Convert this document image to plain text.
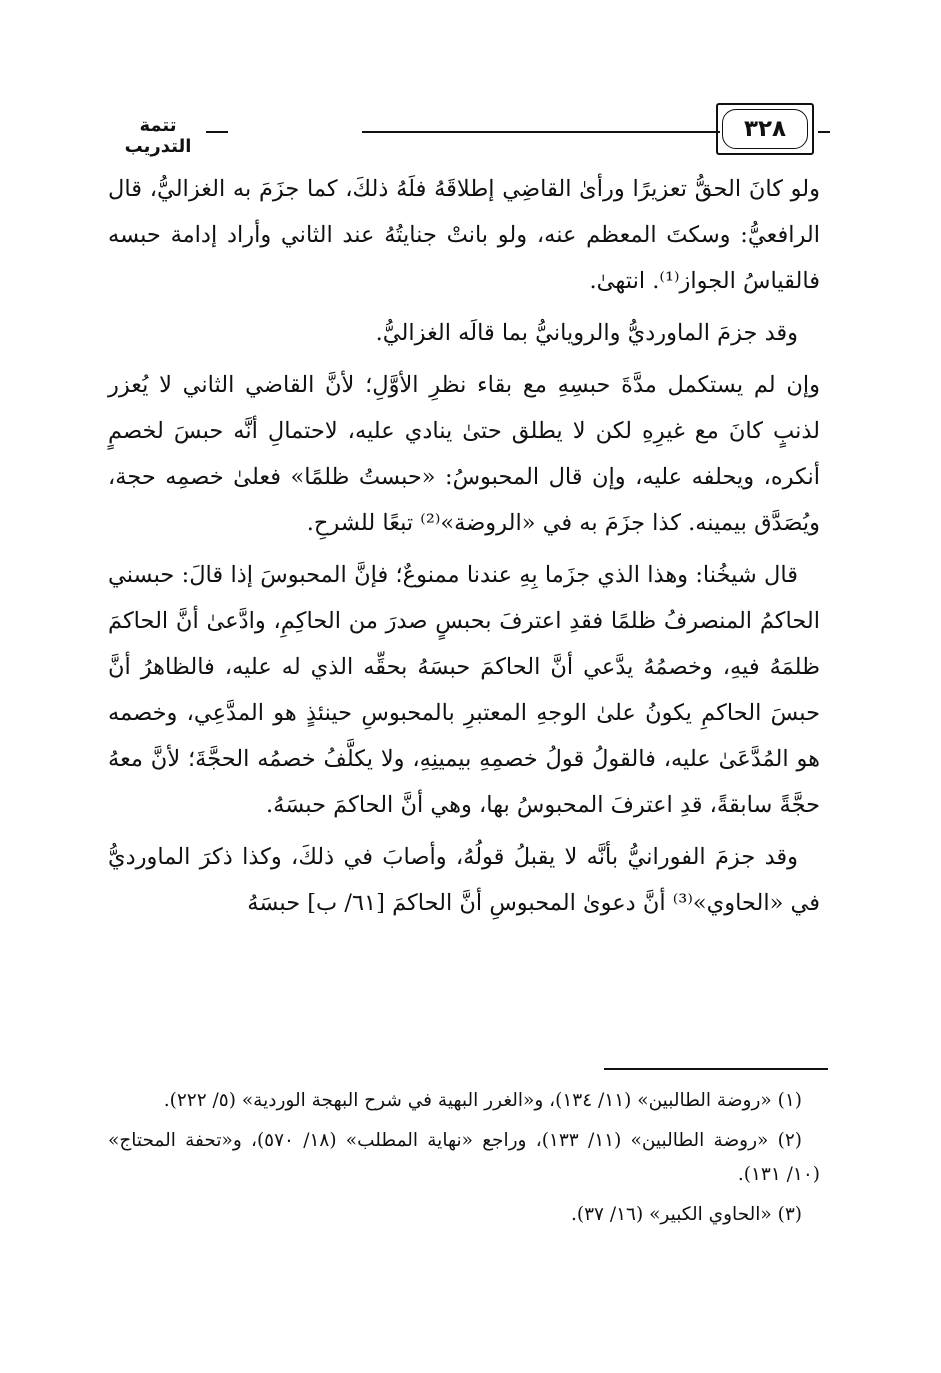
تتمة التدريب
٣٢٨

ولو كانَ الحقُّ تعزيرًا ورأىٰ القاضِي إطلاقَهُ فلَهُ ذلكَ، كما جزَمَ به الغزاليُّ، قال الرافعيُّ: وسكتَ المعظم عنه، ولو بانتْ جنايتُهُ عند الثاني وأراد إدامة حبسه فالقياسُ الجواز⁽¹⁾. انتهىٰ.

وقد جزمَ الماورديُّ والرويانيُّ بما قالَه الغزاليُّ.

وإن لم يستكمل مدَّةَ حبسِهِ مع بقاء نظرِ الأوَّلِ؛ لأنَّ القاضي الثاني لا يُعزر لذنبٍ كانَ مع غيرِهِ لكن لا يطلق حتىٰ ينادي عليه، لاحتمالِ أنَّه حبسَ لخصمٍ أنكره، ويحلفه عليه، وإن قال المحبوسُ: «حبستُ ظلمًا» فعلىٰ خصمِه حجة، ويُصَدَّق بيمينه. كذا جزَمَ به في «الروضة»⁽²⁾ تبعًا للشرحِ.

قال شيخُنا: وهذا الذي جزَما بِهِ عندنا ممنوعٌ؛ فإنَّ المحبوسَ إذا قالَ: حبسني الحاكمُ المنصرفُ ظلمًا فقدِ اعترفَ بحبسٍ صدرَ من الحاكِمِ، وادَّعىٰ أنَّ الحاكمَ ظلمَهُ فيهِ، وخصمُهُ يدَّعي أنَّ الحاكمَ حبسَهُ بحقِّه الذي له عليه، فالظاهرُ أنَّ حبسَ الحاكمِ يكونُ علىٰ الوجهِ المعتبرِ بالمحبوسِ حينئذٍ هو المدَّعِي، وخصمه هو المُدَّعَىٰ عليه، فالقولُ قولُ خصمِهِ بيمينِهِ، ولا يكلَّفُ خصمُه الحجَّةَ؛ لأنَّ معهُ حجَّةً سابقةً، قدِ اعترفَ المحبوسُ بها، وهي أنَّ الحاكمَ حبسَهُ.

وقد جزمَ الفورانيُّ بأنَّه لا يقبلُ قولُهُ، وأصابَ في ذلكَ، وكذا ذكرَ الماورديُّ في «الحاوي»⁽³⁾ أنَّ دعوىٰ المحبوسِ أنَّ الحاكمَ [٦١/ ب] حبسَهُ

(١) «روضة الطالبين» (١١/ ١٣٤)، و«الغرر البهية في شرح البهجة الوردية» (٥/ ٢٢٢).

(٢) «روضة الطالبين» (١١/ ١٣٣)، وراجع «نهاية المطلب» (١٨/ ٥٧٠)، و«تحفة المحتاج» (١٠/ ١٣١).

(٣) «الحاوي الكبير» (١٦/ ٣٧).
